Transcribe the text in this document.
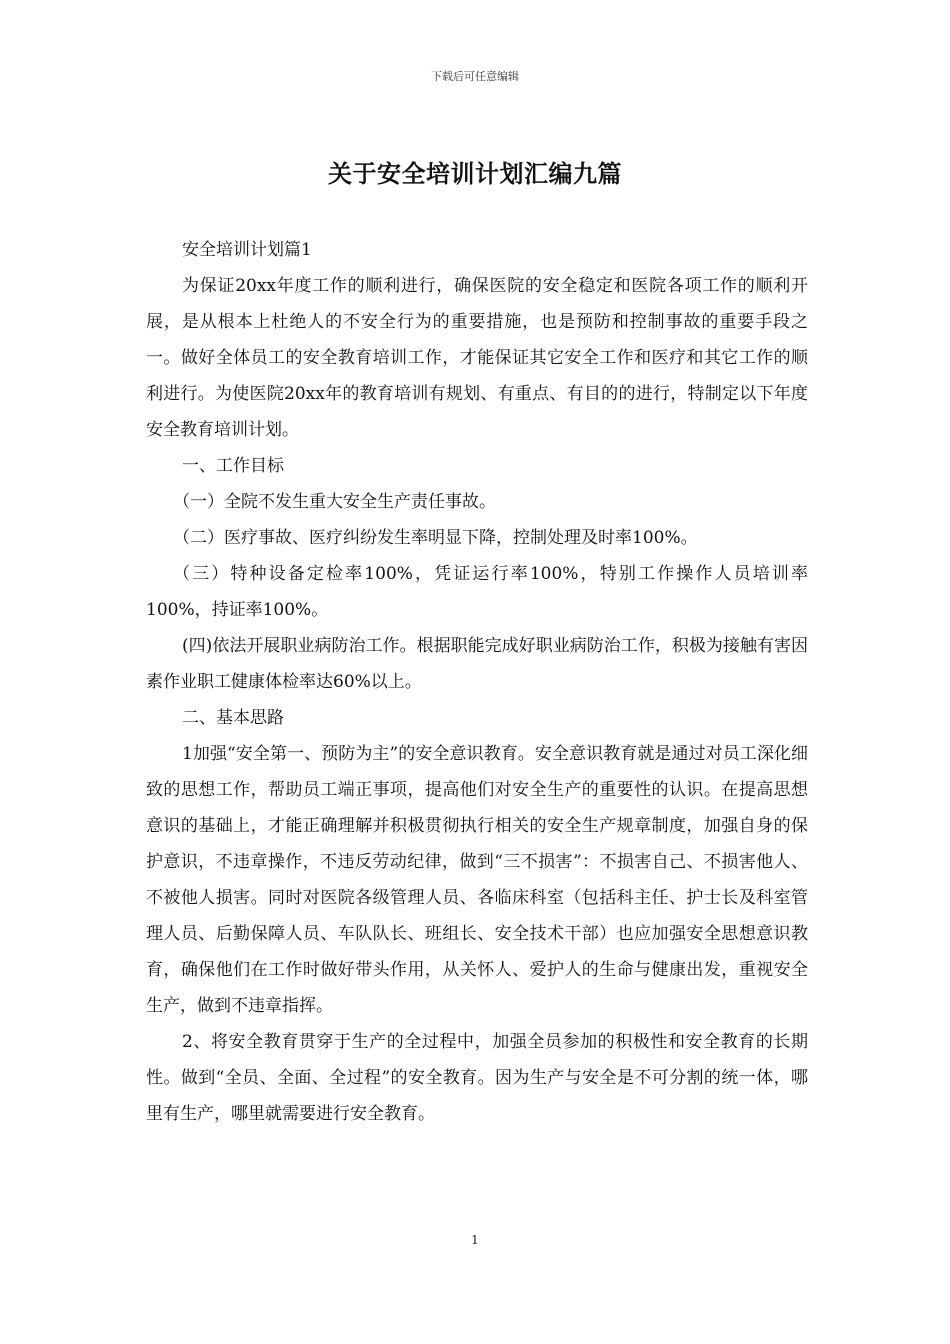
下载后可任意编辑
关于安全培训计划汇编九篇

安全培训计划篇1

为保证20xx年度工作的顺利进行，确保医院的安全稳定和医院各项工作的顺利开展，是从根本上杜绝人的不安全行为的重要措施，也是预防和控制事故的重要手段之一。做好全体员工的安全教育培训工作，才能保证其它安全工作和医疗和其它工作的顺利进行。为使医院20xx年的教育培训有规划、有重点、有目的的进行，特制定以下年度安全教育培训计划。

一、工作目标

（一）全院不发生重大安全生产责任事故。

（二）医疗事故、医疗纠纷发生率明显下降，控制处理及时率100%。

（三）特种设备定检率100%，凭证运行率100%，特别工作操作人员培训率100%，持证率100%。

(四)依法开展职业病防治工作。根据职能完成好职业病防治工作，积极为接触有害因素作业职工健康体检率达60%以上。

二、基本思路

1加强“安全第一、预防为主”的安全意识教育。安全意识教育就是通过对员工深化细致的思想工作，帮助员工端正事项，提高他们对安全生产的重要性的认识。在提高思想意识的基础上，才能正确理解并积极贯彻执行相关的安全生产规章制度，加强自身的保护意识，不违章操作，不违反劳动纪律，做到“三不损害”：不损害自己、不损害他人、不被他人损害。同时对医院各级管理人员、各临床科室（包括科主任、护士长及科室管理人员、后勤保障人员、车队队长、班组长、安全技术干部）也应加强安全思想意识教育，确保他们在工作时做好带头作用，从关怀人、爱护人的生命与健康出发，重视安全生产，做到不违章指挥。

2、将安全教育贯穿于生产的全过程中，加强全员参加的积极性和安全教育的长期性。做到“全员、全面、全过程”的安全教育。因为生产与安全是不可分割的统一体，哪里有生产，哪里就需要进行安全教育。

1
